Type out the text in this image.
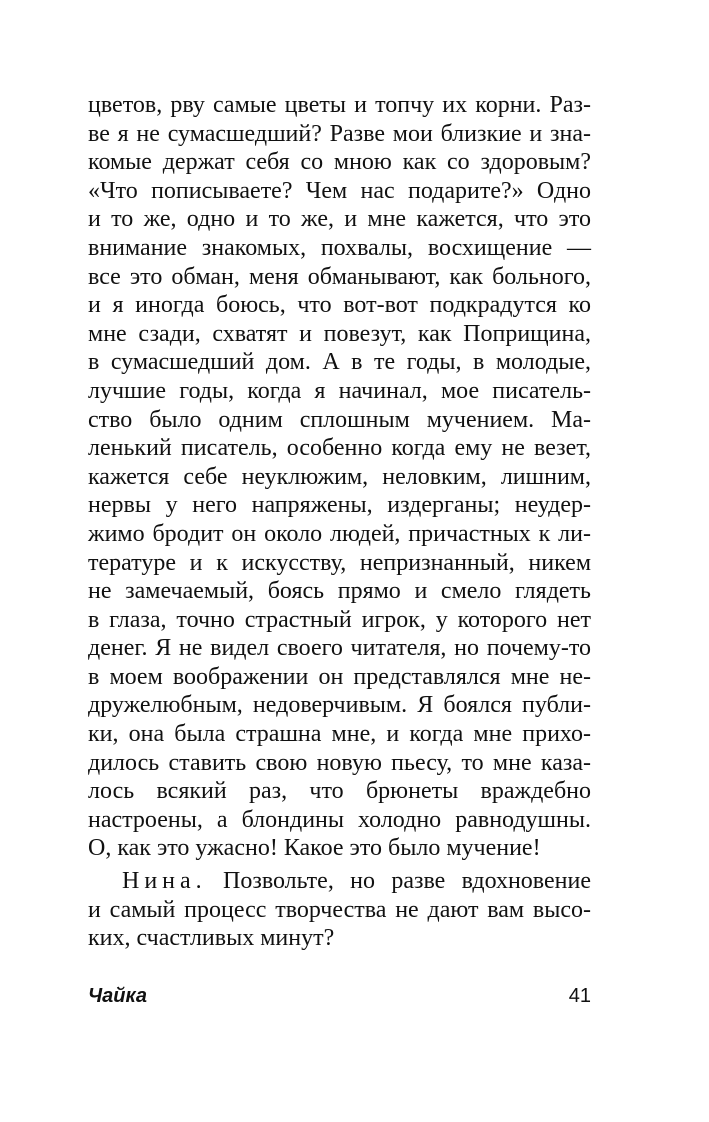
цветов, рву самые цветы и топчу их корни. Раз-
ве я не сумасшедший? Разве мои близкие и зна-
комые держат себя со мною как со здоровым?
«Что пописываете? Чем нас подарите?» Одно
и то же, одно и то же, и мне кажется, что это
внимание знакомых, похвалы, восхищение —
все это обман, меня обманывают, как больного,
и я иногда боюсь, что вот-вот подкрадутся ко
мне сзади, схватят и повезут, как Поприщина,
в сумасшедший дом. А в те годы, в молодые,
лучшие годы, когда я начинал, мое писатель-
ство было одним сплошным мучением. Ма-
ленький писатель, особенно когда ему не везет,
кажется себе неуклюжим, неловким, лишним,
нервы у него напряжены, издерганы; неудер-
жимо бродит он около людей, причастных к ли-
тературе и к искусству, непризнанный, никем
не замечаемый, боясь прямо и смело глядеть
в глаза, точно страстный игрок, у которого нет
денег. Я не видел своего читателя, но почему-то
в моем воображении он представлялся мне не-
дружелюбным, недоверчивым. Я боялся публи-
ки, она была страшна мне, и когда мне прихо-
дилось ставить свою новую пьесу, то мне каза-
лось всякий раз, что брюнеты враждебно
настроены, а блондины холодно равнодушны.
О, как это ужасно! Какое это было мучение!
Нина. Позвольте, но разве вдохновение
и самый процесс творчества не дают вам высо-
ких, счастливых минут?
Чайка	41
